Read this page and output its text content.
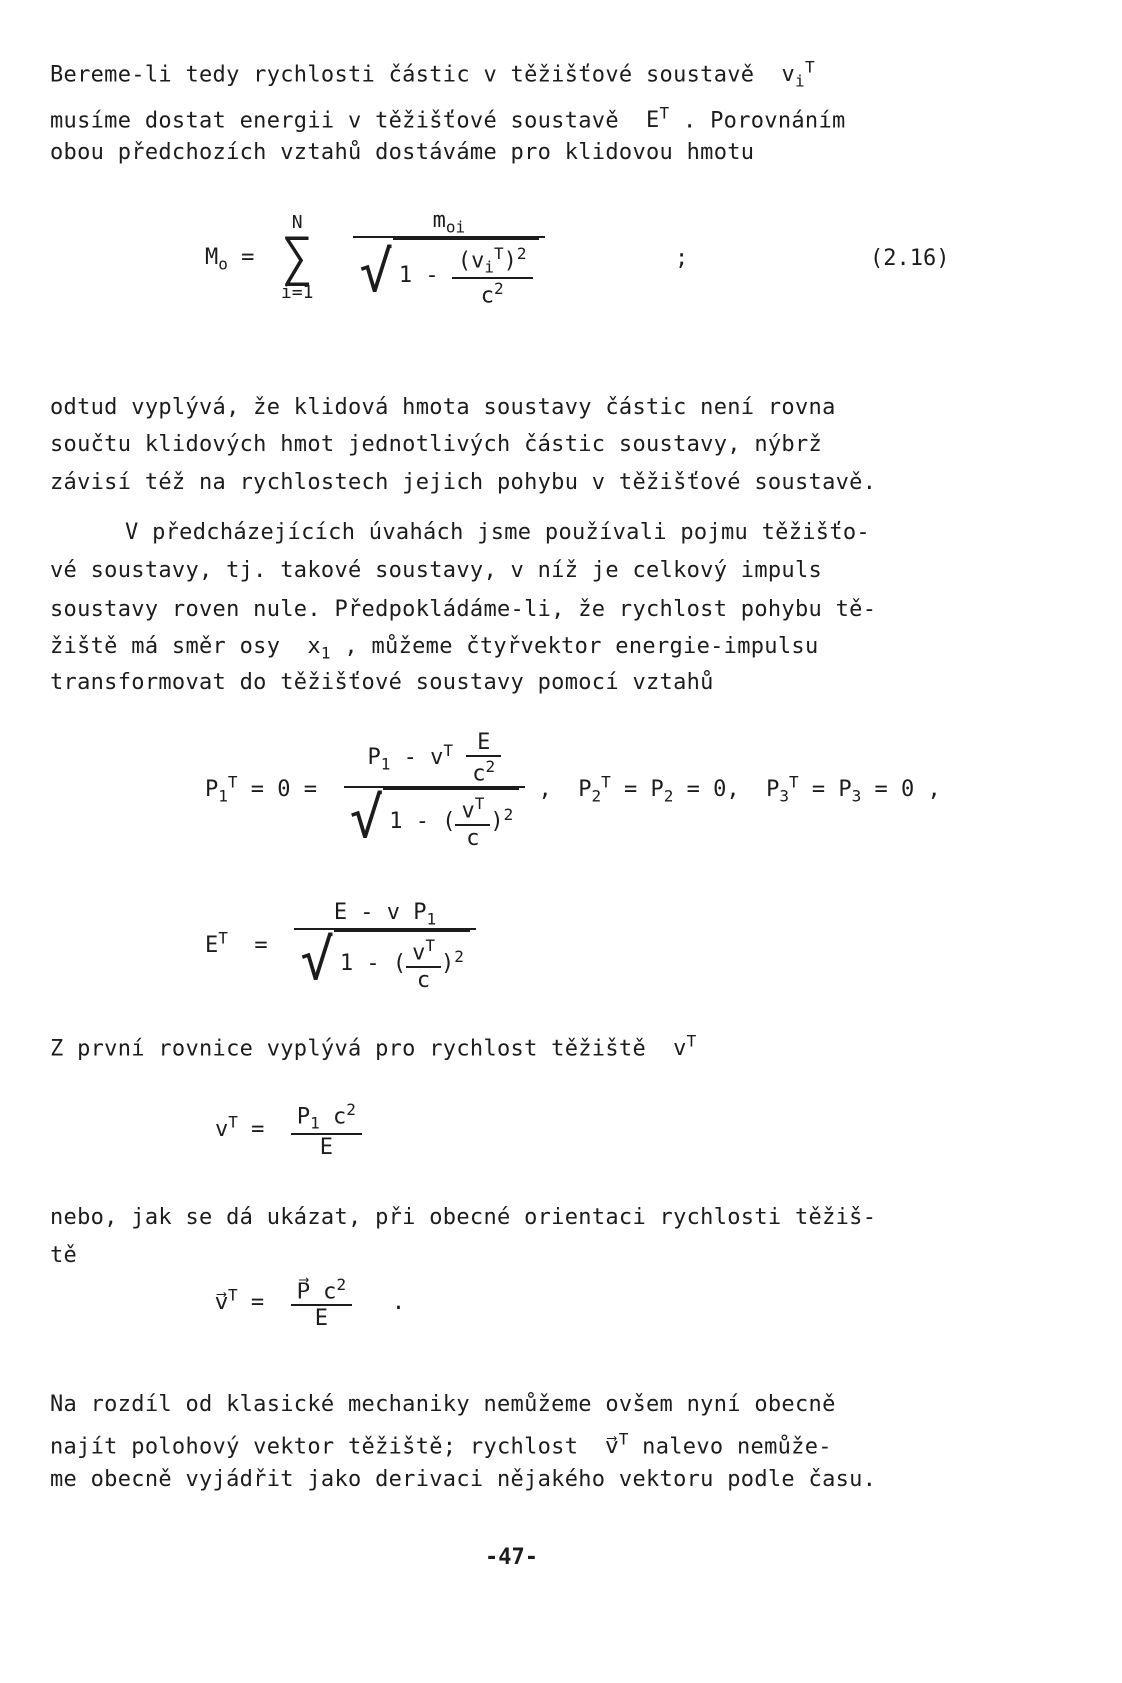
Bereme-li tedy rychlosti částic v těžišťové soustavě $v_i^T$
musíme dostat energii v těžišťové soustavě $E^T$ . Porovnáním
obou předchozích vztahů dostáváme pro klidovou hmotu
$M_o = N$
∑
$i=1 \frac{m_{oi}}{√ 1 - \frac{(v_i^T)^2}{c^2}}$	;	(2.16)
odtud vyplývá, že klidová hmota soustavy částic není rovna
součtu klidových hmot jednotlivých částic soustavy, nýbrž
závisí též na rychlostech jejich pohybu v těžišťové soustavě.
V předcházejících úvahách jsme používali pojmu těžišťo-
vé soustavy, tj. takové soustavy, v níž je celkový impuls
soustavy roven nule. Předpokládáme-li, že rychlost pohybu tě-
žiště má směr osy $x_1$ , můžeme čtyřvektor energie-impulsu
transformovat do těžišťové soustavy pomocí vztahů
$P_1^T = 0 = \frac{P_1 - v^T \frac{E}{c^2}}{√ 1 - ( \frac{v^T}{c} )^2}$ ,  $P_2^T = P_2 = 0$,  $P_3^T = P_3 = 0$ ,
$E^T = \frac{E - v P_1}{√ 1 - ( \frac{v^T}{c} )^2}$
Z první rovnice vyplývá pro rychlost těžiště $v^T$
$v^T = \frac{P_1 c^2}{E}$
nebo, jak se dá ukázat, při obecné orientaci rychlosti těžiš-
tě
v⃗$^T$ = $\frac{P⃗ c^2}{E}$ .
Na rozdíl od klasické mechaniky nemůžeme ovšem nyní obecně
najít polohový vektor těžiště; rychlost v⃗$^T$ nalevo nemůže-
me obecně vyjádřit jako derivaci nějakého vektoru podle času.
-47-
